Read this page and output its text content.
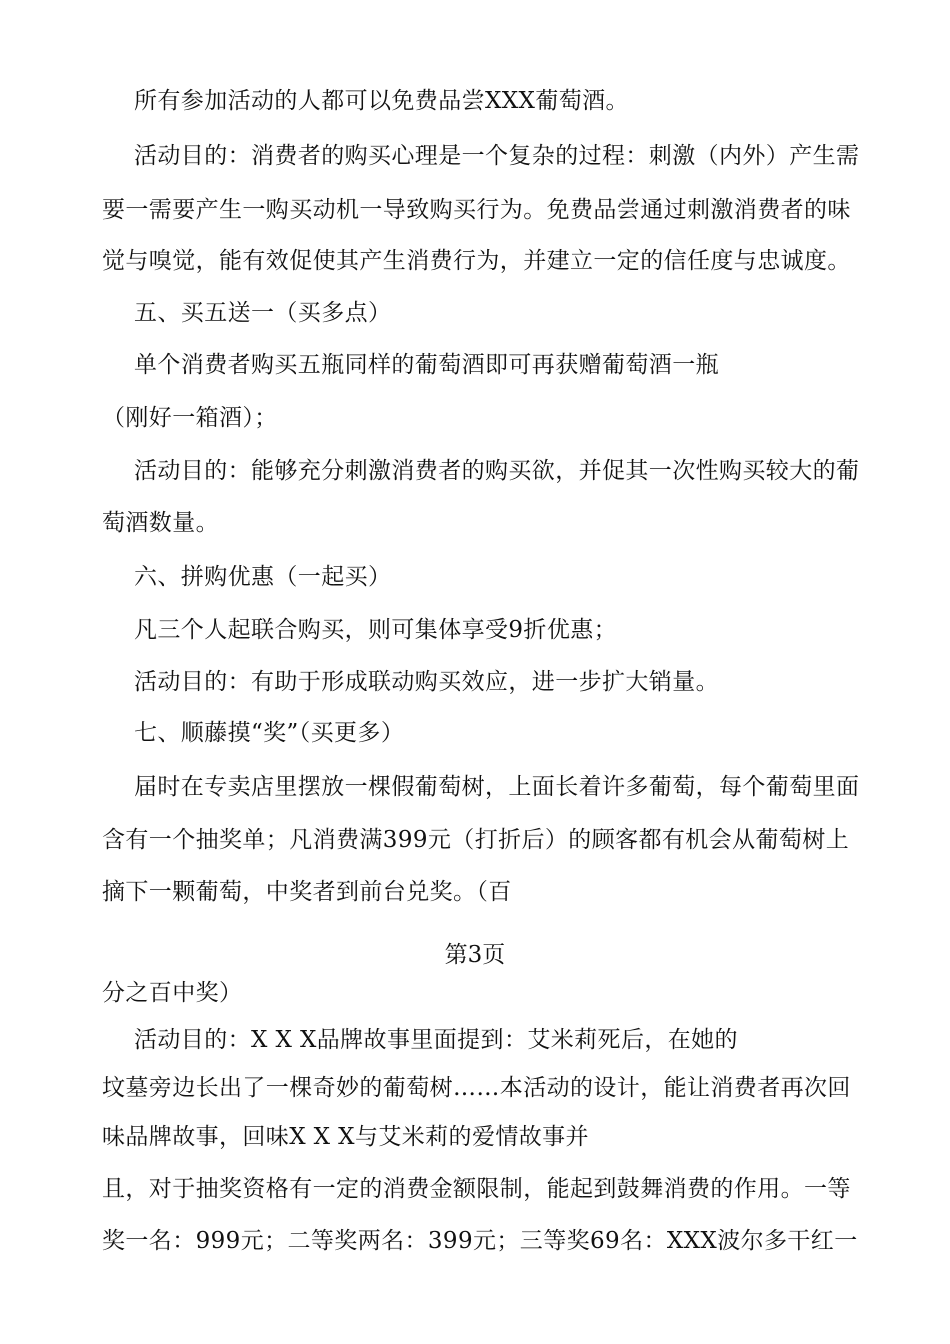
所有参加活动的人都可以免费品尝XXX葡萄酒。
活动目的：消费者的购买心理是一个复杂的过程：刺激（内外）产生需
要一需要产生一购买动机一导致购买行为。免费品尝通过刺激消费者的味
觉与嗅觉，能有效促使其产生消费行为，并建立一定的信任度与忠诚度。
五、买五送一（买多点）
单个消费者购买五瓶同样的葡萄酒即可再获赠葡萄酒一瓶
（刚好一箱酒）；
活动目的：能够充分刺激消费者的购买欲，并促其一次性购买较大的葡
萄酒数量。
六、拼购优惠（一起买）
凡三个人起联合购买，则可集体享受9折优惠；
活动目的：有助于形成联动购买效应，进一步扩大销量。
七、顺藤摸“奖”（买更多）
届时在专卖店里摆放一棵假葡萄树，上面长着许多葡萄，每个葡萄里面
含有一个抽奖单；凡消费满399元（打折后）的顾客都有机会从葡萄树上
摘下一颗葡萄，中奖者到前台兑奖。（百
第3页
分之百中奖）
活动目的：X X X品牌故事里面提到：艾米莉死后，在她的
坟墓旁边长出了一棵奇妙的葡萄树……本活动的设计，能让消费者再次回
味品牌故事，回味X X X与艾米莉的爱情故事并
且，对于抽奖资格有一定的消费金额限制，能起到鼓舞消费的作用。一等
奖一名：999元；二等奖两名：399元；三等奖69名：XXX波尔多干红一
